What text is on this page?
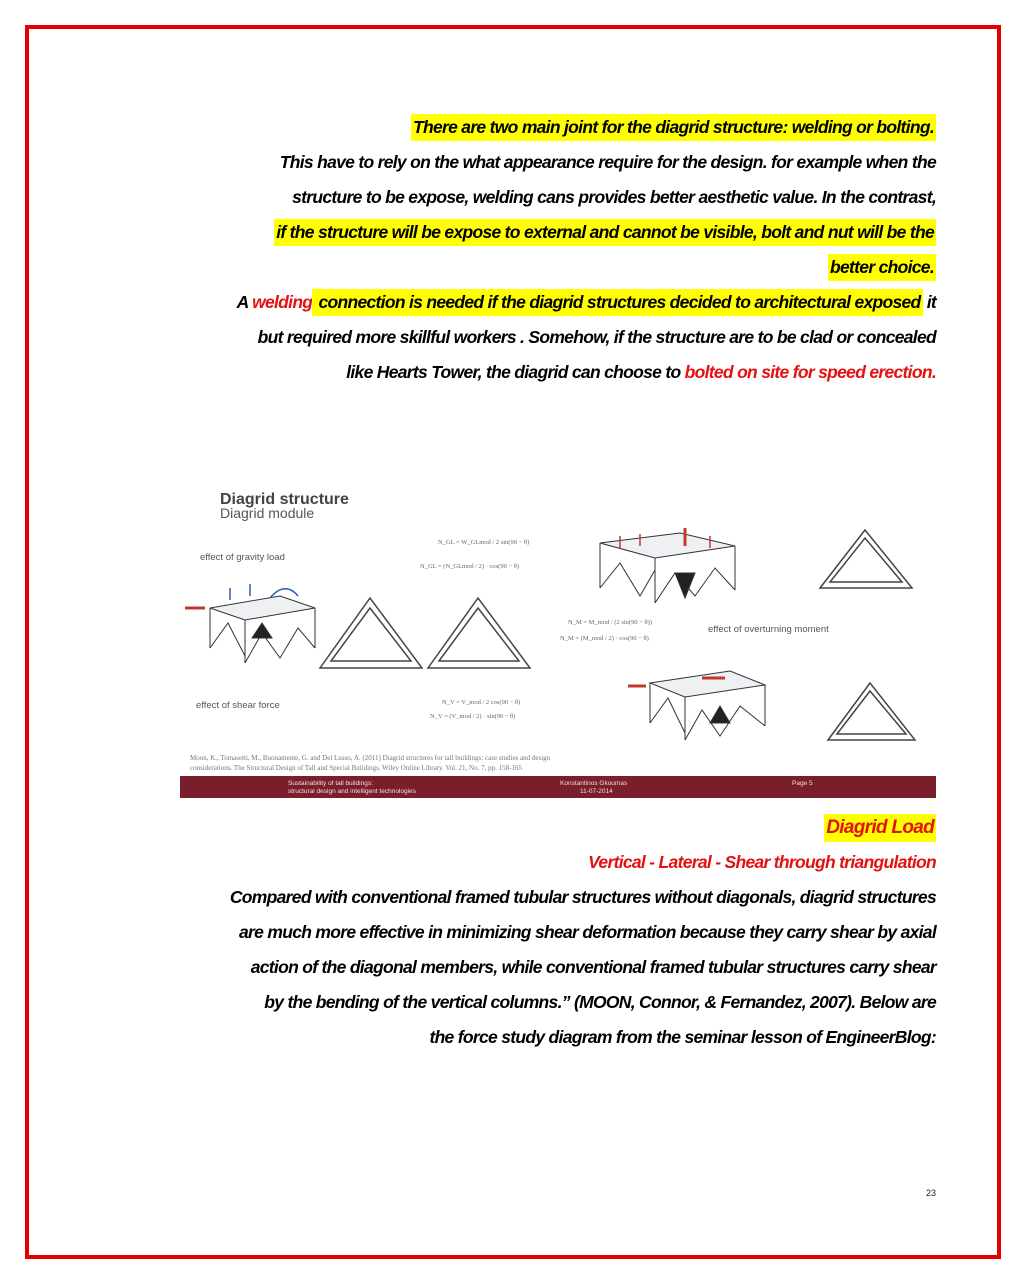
There are two main joint for the diagrid structure: welding or bolting.
This have to rely on the what appearance require for the design. for example when the
structure to be expose, welding cans provides better aesthetic value. In the contrast,
if the structure will be expose to external and cannot be visible, bolt and nut will be the
better choice.
A welding connection is needed if the diagrid structures decided to architectural exposed it
but required more skillful workers . Somehow, if the structure are to be clad or concealed
like Hearts Tower, the diagrid can choose to bolted on site for speed erection.
Diagrid structure
Diagrid module
effect of gravity load
effect of overturning moment
effect of shear force
N_GL = W_GLmod / 2 sin(90 − θ)
N_GL = (N_GLmod / 2) · cos(90 − θ)
N_M = M_mod / (2 sin(90 − θ))
N_M = (M_mod / 2) · cos(90 − θ)
N_V = V_mod / 2 cos(90 − θ)
N_V = (V_mod / 2) · sin(90 − θ)
Moon, K., Tomasetti, M., Buonamente, G. and Del Lusso, A. (2011) Diagrid structures for tall buildings: case studies and design
considerations. The Structural Design of Tall and Special Buildings. Wiley Online Library. Vol. 21, No. 7, pp. 158-165
Sustainability of tall buildings:
structural design and intelligent technologies
Konstantinos Gkoumas
11-07-2014
Page 5
Diagrid Load
Vertical - Lateral - Shear through triangulation
Compared with conventional framed tubular structures without diagonals, diagrid structures
are much more effective in minimizing shear deformation because they carry shear by axial
action of the diagonal members, while conventional framed tubular structures carry shear
by the bending of the vertical columns.” (MOON, Connor, & Fernandez, 2007). Below are
the force study diagram from the seminar lesson of EngineerBlog:
23
